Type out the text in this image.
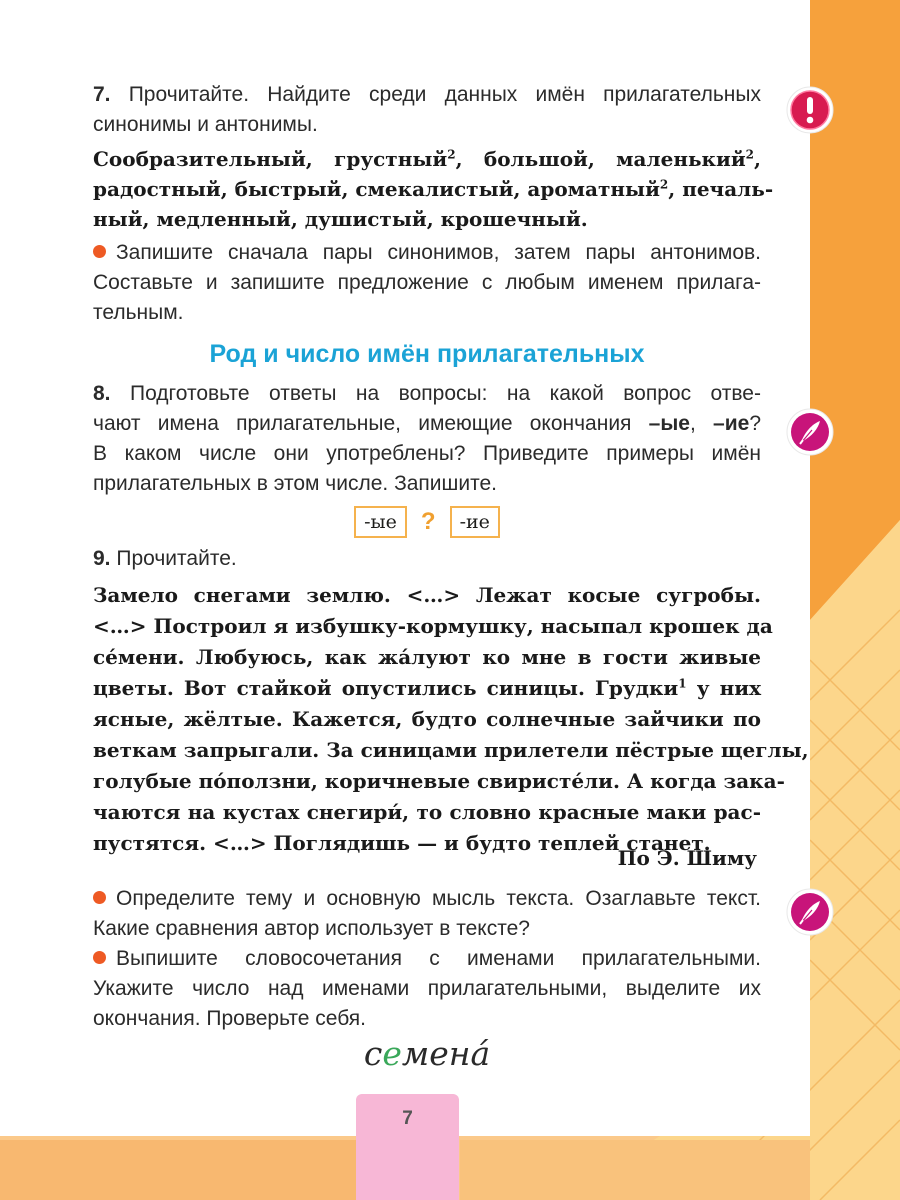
7. Прочитайте. Найдите среди данных имён прилагательных
синонимы и антонимы.
Сообразительный, грустный$^2$, большой, маленький$^2$,
радостный, быстрый, смекалистый, ароматный$^2$, печаль-
ный, медленный, душистый, крошечный.
Запишите сначала пары синонимов, затем пары антонимов.
Составьте и запишите предложение с любым именем прилага-
тельным.
Род и число имён прилагательных
8. Подготовьте ответы на вопросы: на какой вопрос отве-
чают имена прилагательные, имеющие окончания –ые, –ие?
В каком числе они употреблены? Приведите примеры имён
прилагательных в этом числе. Запишите.
-ые ? -ие
9. Прочитайте.
Замело снегами землю. <…> Лежат косые сугробы.
<…> Построил я избушку-кормушку, насыпал крошек да
се́мени. Любуюсь, как жа́луют ко мне в гости живые
цветы. Вот стайкой опустились синицы. Грудки$^1$ у них
ясные, жёлтые. Кажется, будто солнечные зайчики по
веткам запрыгали. За синицами прилетели пёстрые щеглы,
голубые по́ползни, коричневые свиристе́ли. А когда зака-
чаются на кустах снегири́, то словно красные маки рас-
пустятся. <…> Поглядишь — и будто теплей станет.
По Э. Шиму
Определите тему и основную мысль текста. Озаглавьте текст.
Какие сравнения автор использует в тексте?
Выпишите словосочетания с именами прилагательными.
Укажите число над именами прилагательными, выделите их
окончания. Проверьте себя.
семена́
7
